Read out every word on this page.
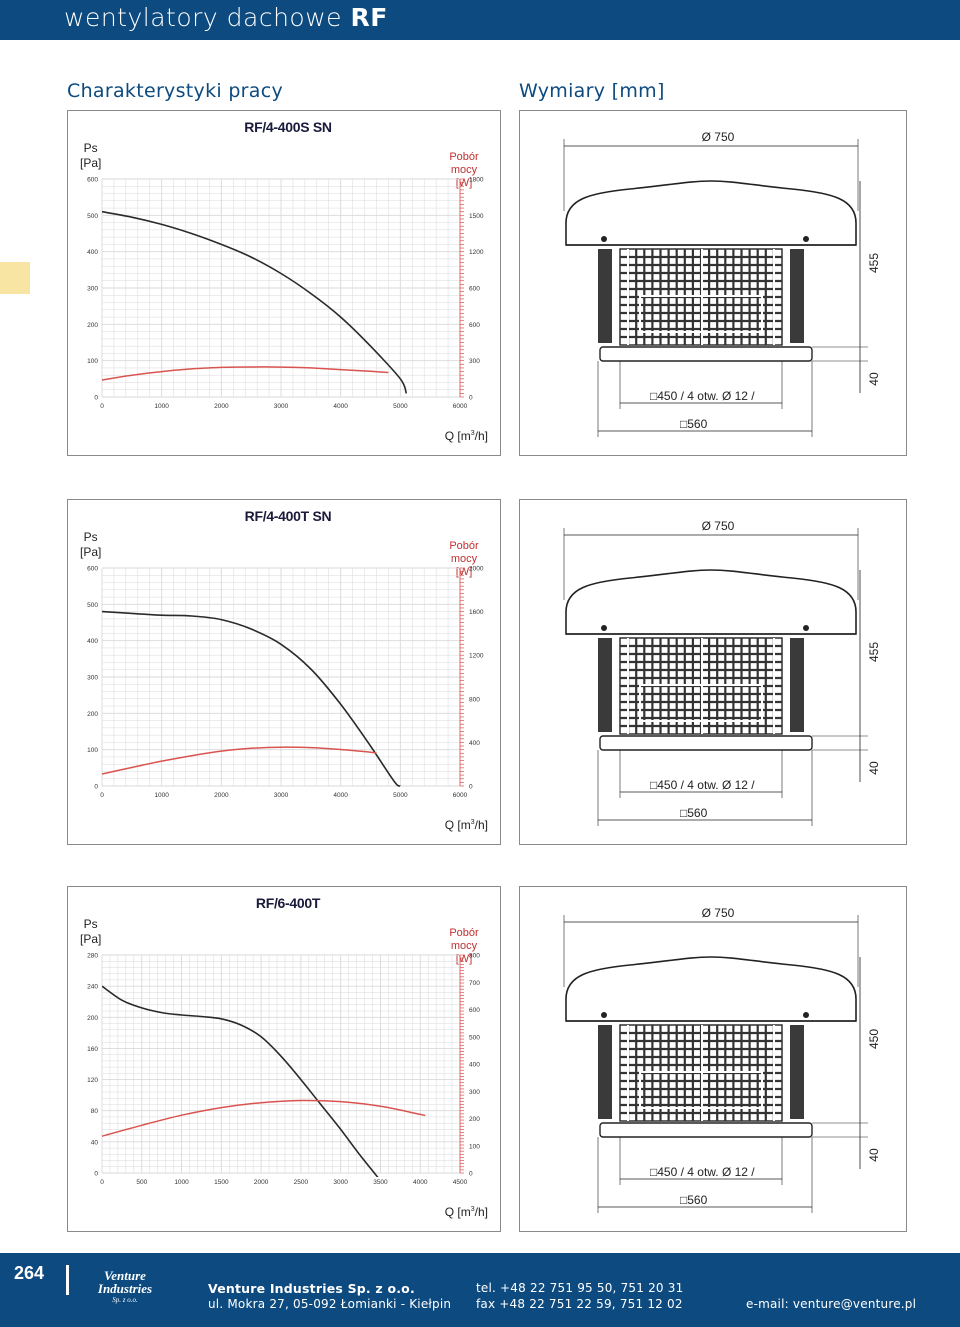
wentylatory dachowe RF
Charakterystyki pracy	Wymiary [mm]
RF/4-400S SN
Ps
[Pa]	Pobór mocy
[W]
0
100
200
300
400
500
600
0
300
600
600
1200
1500
1800
0	1000	2000	3000	4000	5000	6000
Q $[m^3/h]$
RF/4-400T SN
Ps
[Pa]	Pobór mocy
[W]
0
100
200
300
400
500
600
0
400
800
1200
1600
2000
0	1000	2000	3000	4000	5000	6000
Q $[m^3/h]$
RF/6-400T
Ps
[Pa]	Pobór mocy
[W]
0
40
80
120
160
200
240
280
0
100
200
300
400
500
600
700
800
0	500	1000	1500	2000	2500	3000	3500	4000	4500
Q $[m^3/h]$
Ø 750
□450 / 4 otw. Ø 12 /
□560
455
40
Ø 750
□450 / 4 otw. Ø 12 /
□560
455
40
Ø 750
□450 / 4 otw. Ø 12 /
□560
450
40
264	Venture
Industries
Sp. z o.o.
Venture Industries Sp. z o.o.
ul. Mokra 27, 05-092 Łomianki - Kiełpin
tel. +48 22 751 95 50, 751 20 31
fax +48 22 751 22 59, 751 12 02	e-mail: venture@venture.pl
